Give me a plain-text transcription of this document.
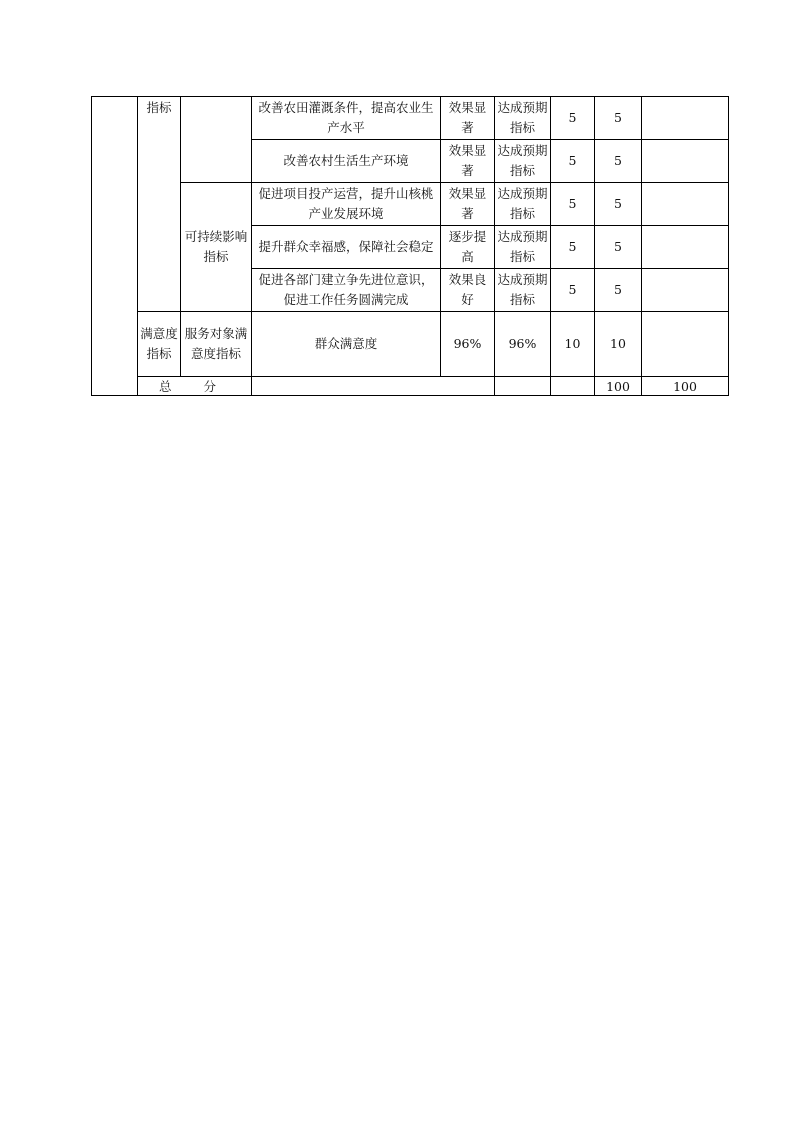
	指标		改善农田灌溉条件，提高农业生产水平	效果显著	达成预期指标	5	5		
			改善农村生活生产环境	效果显著	达成预期指标	5	5		
		可持续影响指标	促进项目投产运营，提升山核桃产业发展环境	效果显著	达成预期指标	5	5		
			提升群众幸福感，保障社会稳定	逐步提高	达成预期指标	5	5		
			促进各部门建立争先进位意识，促进工作任务圆满完成	效果良好	达成预期指标	5	5		
	满意度指标	服务对象满意度指标	群众满意度	96%	96%	10	10		
	总 分						100	100	
